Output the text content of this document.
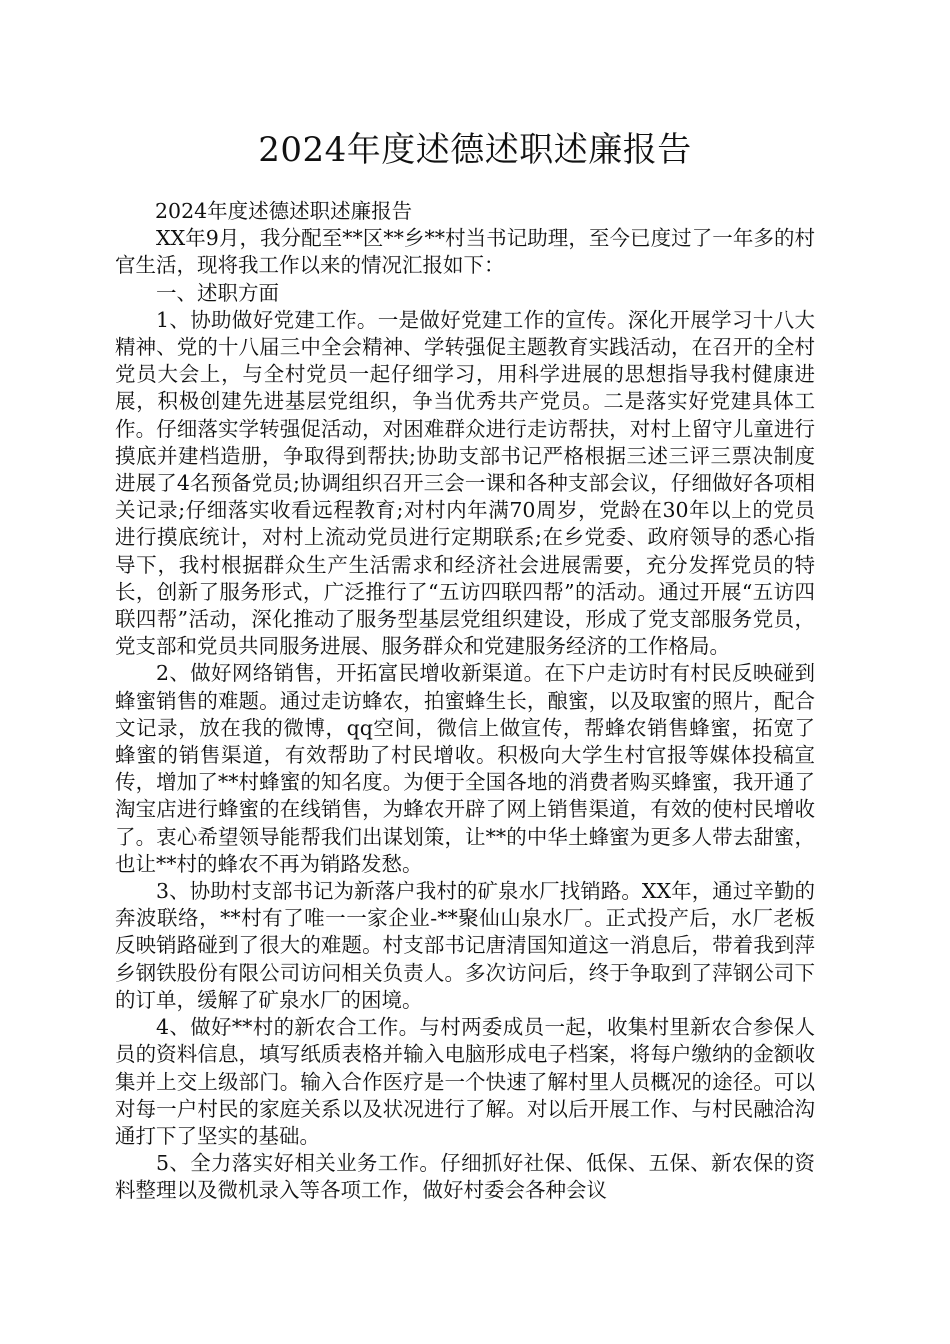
2024年度述德述职述廉报告

2024年度述德述职述廉报告

XX年9月，我分配至**区**乡**村当书记助理，至今已度过了一年多的村官生活，现将我工作以来的情况汇报如下：

一、述职方面

1、协助做好党建工作。一是做好党建工作的宣传。深化开展学习十八大精神、党的十八届三中全会精神、学转强促主题教育实践活动，在召开的全村党员大会上，与全村党员一起仔细学习，用科学进展的思想指导我村健康进展，积极创建先进基层党组织，争当优秀共产党员。二是落实好党建具体工作。仔细落实学转强促活动，对困难群众进行走访帮扶，对村上留守儿童进行摸底并建档造册，争取得到帮扶;协助支部书记严格根据三述三评三票决制度进展了4名预备党员;协调组织召开三会一课和各种支部会议，仔细做好各项相关记录;仔细落实收看远程教育;对村内年满70周岁，党龄在30年以上的党员进行摸底统计，对村上流动党员进行定期联系;在乡党委、政府领导的悉心指导下，我村根据群众生产生活需求和经济社会进展需要，充分发挥党员的特长，创新了服务形式，广泛推行了“五访四联四帮”的活动。通过开展“五访四联四帮”活动，深化推动了服务型基层党组织建设，形成了党支部服务党员，党支部和党员共同服务进展、服务群众和党建服务经济的工作格局。

2、做好网络销售，开拓富民增收新渠道。在下户走访时有村民反映碰到蜂蜜销售的难题。通过走访蜂农，拍蜜蜂生长，酿蜜，以及取蜜的照片，配合文记录，放在我的微博，qq空间，微信上做宣传，帮蜂农销售蜂蜜，拓宽了蜂蜜的销售渠道，有效帮助了村民增收。积极向大学生村官报等媒体投稿宣传，增加了**村蜂蜜的知名度。为便于全国各地的消费者购买蜂蜜，我开通了淘宝店进行蜂蜜的在线销售，为蜂农开辟了网上销售渠道，有效的使村民增收了。衷心希望领导能帮我们出谋划策，让**的中华土蜂蜜为更多人带去甜蜜，也让**村的蜂农不再为销路发愁。

3、协助村支部书记为新落户我村的矿泉水厂找销路。XX年，通过辛勤的奔波联络，**村有了唯一一家企业-**聚仙山泉水厂。正式投产后，水厂老板反映销路碰到了很大的难题。村支部书记唐清国知道这一消息后，带着我到萍乡钢铁股份有限公司访问相关负责人。多次访问后，终于争取到了萍钢公司下的订单，缓解了矿泉水厂的困境。

4、做好**村的新农合工作。与村两委成员一起，收集村里新农合参保人员的资料信息，填写纸质表格并输入电脑形成电子档案，将每户缴纳的金额收集并上交上级部门。输入合作医疗是一个快速了解村里人员概况的途径。可以对每一户村民的家庭关系以及状况进行了解。对以后开展工作、与村民融洽沟通打下了坚实的基础。

5、全力落实好相关业务工作。仔细抓好社保、低保、五保、新农保的资料整理以及微机录入等各项工作，做好村委会各种会议
